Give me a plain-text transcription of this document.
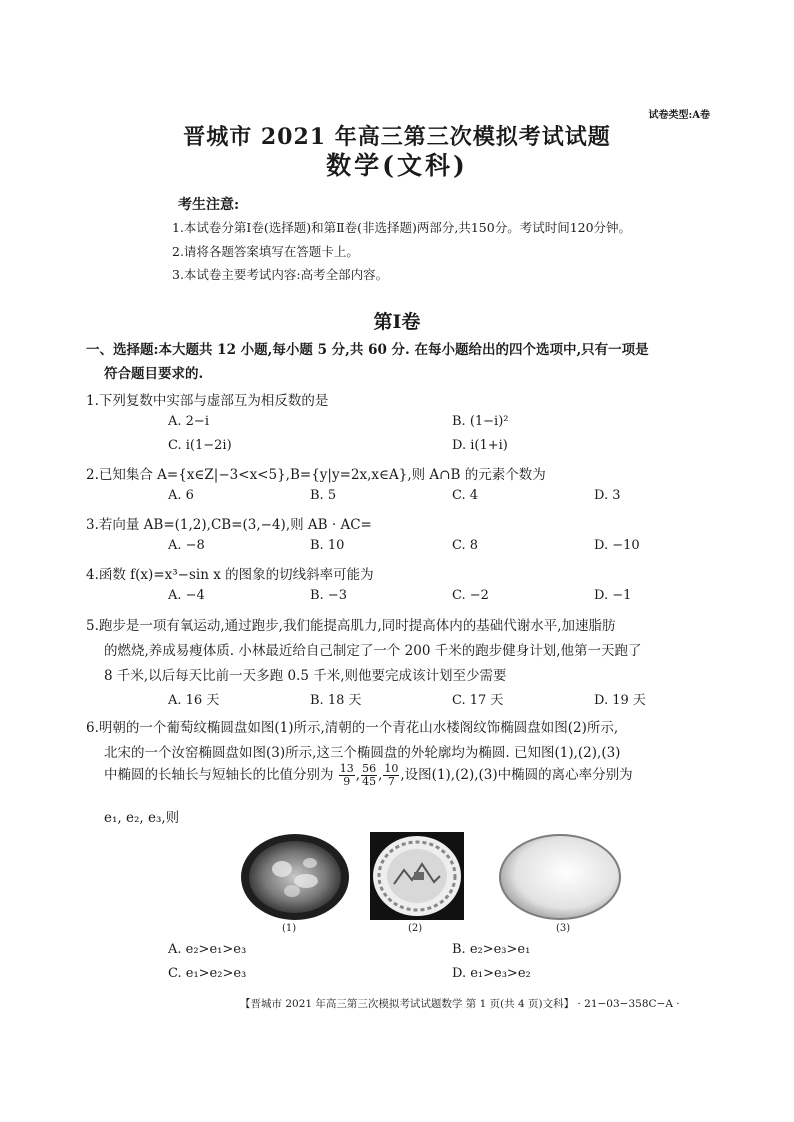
试卷类型:A卷
晋城市 2021 年高三第三次模拟考试试题
数学(文科)
考生注意:
1.本试卷分第Ⅰ卷(选择题)和第Ⅱ卷(非选择题)两部分,共150分。考试时间120分钟。
2.请将各题答案填写在答题卡上。
3.本试卷主要考试内容:高考全部内容。
第Ⅰ卷
一、选择题:本大题共 12 小题,每小题 5 分,共 60 分. 在每小题给出的四个选项中,只有一项是
符合题目要求的.
1.下列复数中实部与虚部互为相反数的是
A. 2−i	B. (1−i)²
C. i(1−2i)	D. i(1+i)
2.已知集合 A={x∈Z|−3<x<5},B={y|y=2x,x∈A},则 A∩B 的元素个数为
A. 6	B. 5	C. 4	D. 3
3.若向量 AB=(1,2),CB=(3,−4),则 AB · AC=
A. −8	B. 10	C. 8	D. −10
4.函数 f(x)=x³−sin x 的图象的切线斜率可能为
A. −4	B. −3	C. −2	D. −1
5.跑步是一项有氧运动,通过跑步,我们能提高肌力,同时提高体内的基础代谢水平,加速脂肪
的燃烧,养成易瘦体质. 小林最近给自己制定了一个 200 千米的跑步健身计划,他第一天跑了
8 千米,以后每天比前一天多跑 0.5 千米,则他要完成该计划至少需要
A. 16 天	B. 18 天	C. 17 天	D. 19 天
6.明朝的一个葡萄纹椭圆盘如图(1)所示,清朝的一个青花山水楼阁纹饰椭圆盘如图(2)所示,
北宋的一个汝窑椭圆盘如图(3)所示,这三个椭圆盘的外轮廓均为椭圆. 已知图(1),(2),(3)
中椭圆的长轴长与短轴长的比值分别为 $\frac{13}{9}$ , $\frac{56}{45}$ , $\frac{10}{7}$ ,设图(1),(2),(3)中椭圆的离心率分别为
e₁, e₂, e₃,则
(1)	(2)	(3)
A. e₂>e₁>e₃	B. e₂>e₃>e₁
C. e₁>e₂>e₃	D. e₁>e₃>e₂
【晋城市 2021 年高三第三次模拟考试试题数学 第 1 页(共 4 页)文科】 · 21−03−358C−A ·
